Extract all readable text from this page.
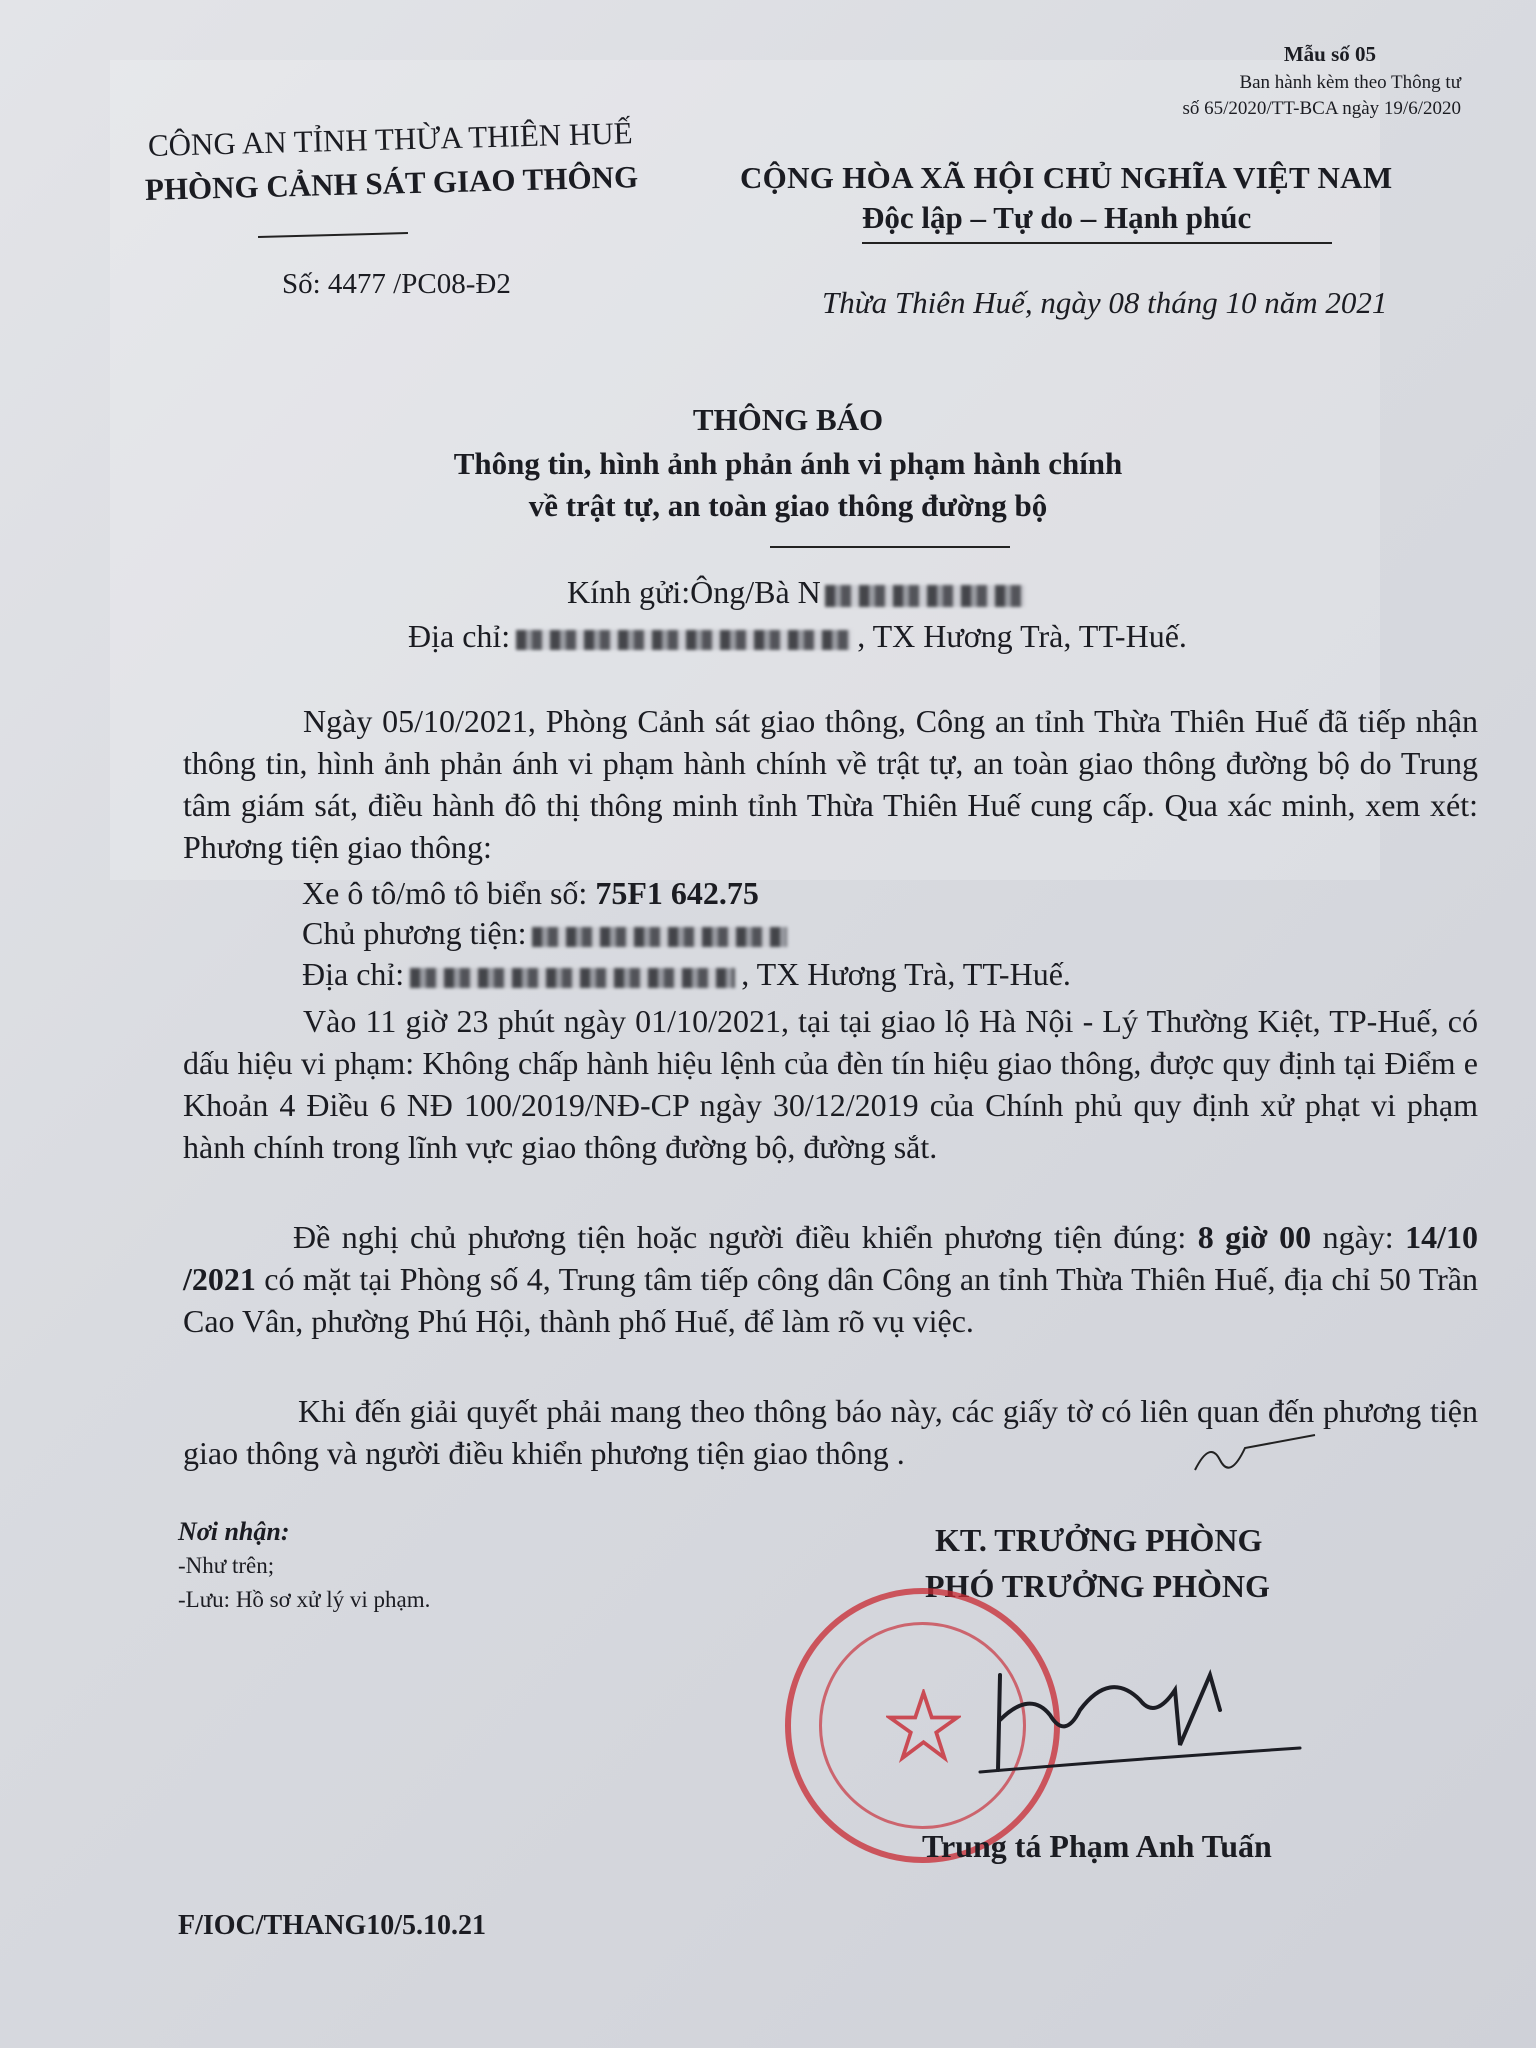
Mẫu số 05
Ban hành kèm theo Thông tư
số 65/2020/TT-BCA ngày 19/6/2020
CÔNG AN TỈNH THỪA THIÊN HUẾ
PHÒNG CẢNH SÁT GIAO THÔNG	CỘNG HÒA XÃ HỘI CHỦ NGHĨA VIỆT NAM
Độc lập – Tự do – Hạnh phúc
Số: 4477 /PC08-Đ2
Thừa Thiên Huế, ngày 08 tháng 10 năm 2021
THÔNG BÁO
Thông tin, hình ảnh phản ánh vi phạm hành chính
về trật tự, an toàn giao thông đường bộ
Kính gửi:Ông/Bà N
Địa chỉ:	, TX Hương Trà, TT-Huế.
Ngày 05/10/2021, Phòng Cảnh sát giao thông, Công an tỉnh Thừa Thiên Huế đã tiếp nhận thông tin, hình ảnh phản ánh vi phạm hành chính về trật tự, an toàn giao thông đường bộ do Trung tâm giám sát, điều hành đô thị thông minh tỉnh Thừa Thiên Huế cung cấp. Qua xác minh, xem xét: Phương tiện giao thông:
Xe ô tô/mô tô biển số: 75F1 642.75
Chủ phương tiện:
Địa chỉ:	, TX Hương Trà, TT-Huế.
Vào 11 giờ 23 phút ngày 01/10/2021, tại tại giao lộ Hà Nội - Lý Thường Kiệt, TP-Huế, có dấu hiệu vi phạm: Không chấp hành hiệu lệnh của đèn tín hiệu giao thông, được quy định tại Điểm e Khoản 4 Điều 6 NĐ 100/2019/NĐ-CP ngày 30/12/2019 của Chính phủ quy định xử phạt vi phạm hành chính trong lĩnh vực giao thông đường bộ, đường sắt.
Đề nghị chủ phương tiện hoặc người điều khiển phương tiện đúng: 8 giờ 00 ngày: 14/10 /2021 có mặt tại Phòng số 4, Trung tâm tiếp công dân Công an tỉnh Thừa Thiên Huế, địa chỉ 50 Trần Cao Vân, phường Phú Hội, thành phố Huế, để làm rõ vụ việc.
Khi đến giải quyết phải mang theo thông báo này, các giấy tờ có liên quan đến phương tiện giao thông và người điều khiển phương tiện giao thông .
Nơi nhận:
-Như trên;
-Lưu: Hồ sơ xử lý vi phạm.
KT. TRƯỞNG PHÒNG
PHÓ TRƯỞNG PHÒNG
Trung tá Phạm Anh Tuấn
F/IOC/THANG10/5.10.21
